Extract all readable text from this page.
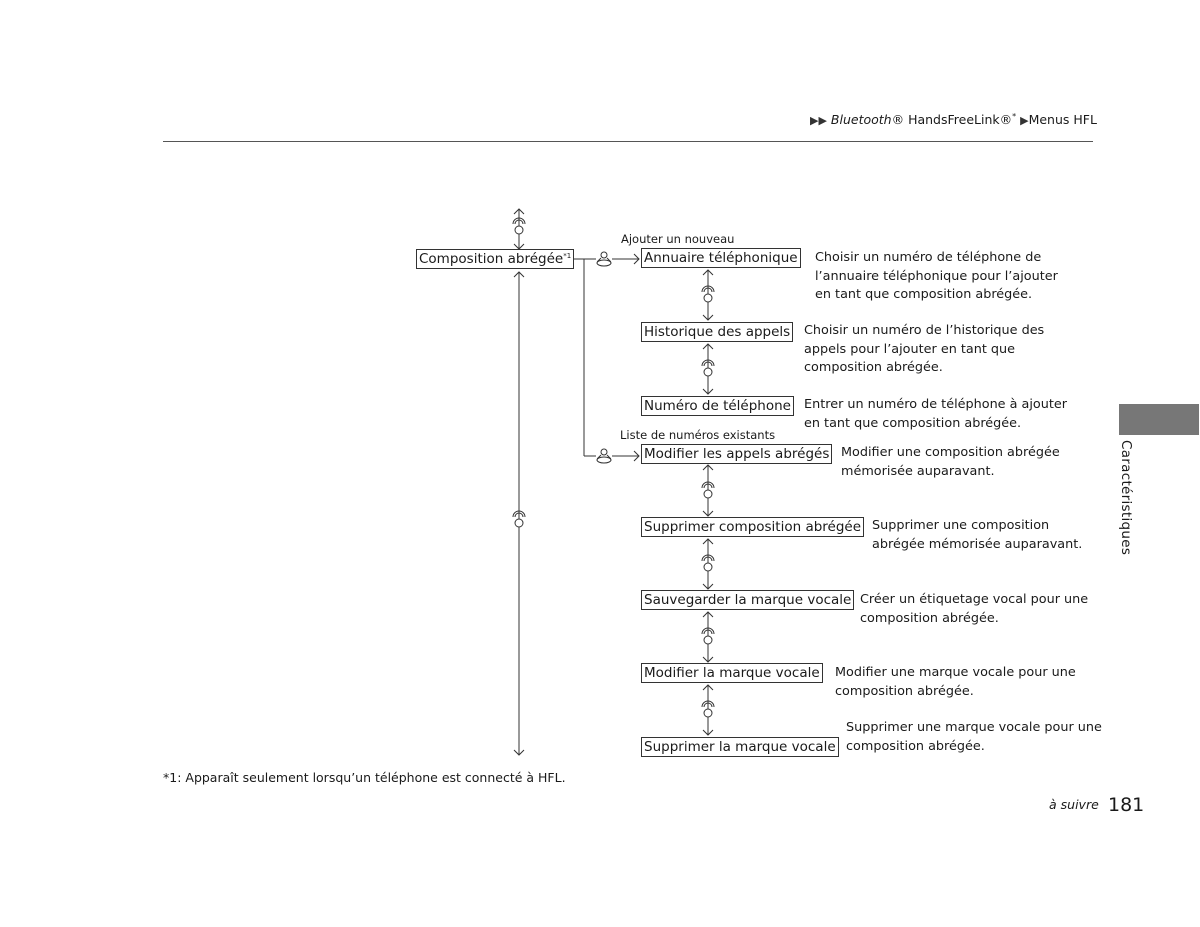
▶▶ Bluetooth® HandsFreeLink®* ▶Menus HFL
Caractéristiques
Composition abrégée$^{*1}$
Ajouter un nouveau
Liste de numéros existants
Annuaire téléphonique
Historique des appels
Numéro de téléphone
Modifier les appels abrégés
Supprimer composition abrégée
Sauvegarder la marque vocale
Modifier la marque vocale
Supprimer la marque vocale
Choisir un numéro de téléphone de
l’annuaire téléphonique pour l’ajouter
en tant que composition abrégée.
Choisir un numéro de l’historique des
appels pour l’ajouter en tant que
composition abrégée.
Entrer un numéro de téléphone à ajouter
en tant que composition abrégée.
Modifier une composition abrégée
mémorisée auparavant.
Supprimer une composition
abrégée mémorisée auparavant.
Créer un étiquetage vocal pour une
composition abrégée.
Modifier une marque vocale pour une
composition abrégée.
Supprimer une marque vocale pour une
composition abrégée.
*1: Apparaît seulement lorsqu’un téléphone est connecté à HFL.
à suivre 181
